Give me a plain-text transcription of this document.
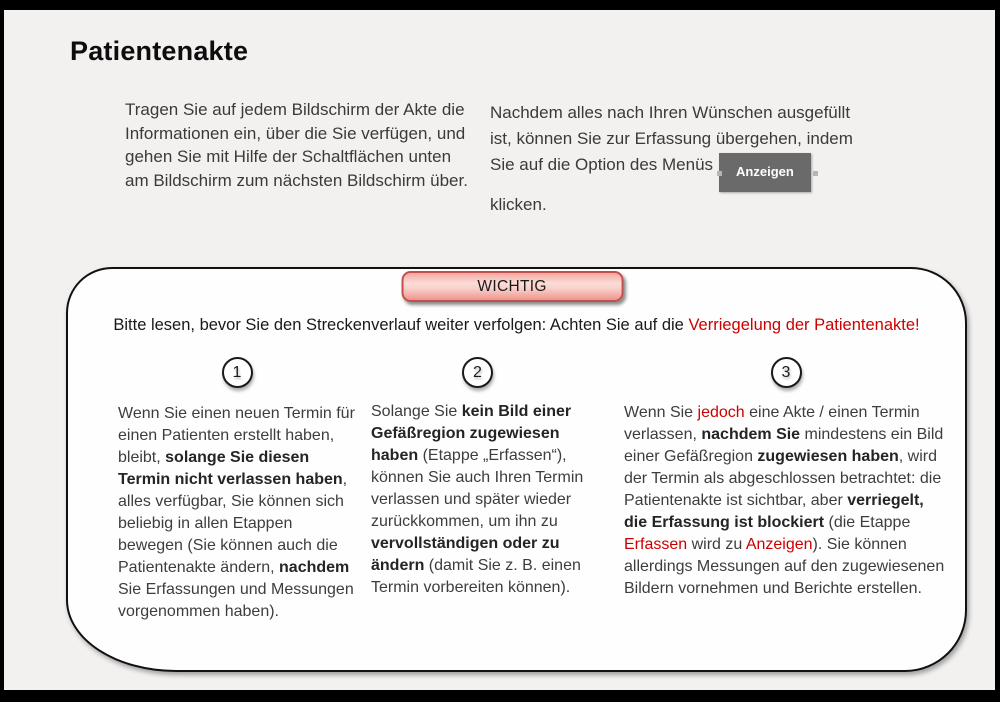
Patientenakte

Tragen Sie auf jedem Bildschirm der Akte die Informationen ein, über die Sie verfügen, und gehen Sie mit Hilfe der Schaltflächen unten am Bildschirm zum nächsten Bildschirm über.

Nachdem alles nach Ihren Wünschen ausgefüllt ist, können Sie zur Erfassung übergehen, indem Sie auf die Option des Menüs Anzeigen
klicken.

WICHTIG
Bitte lesen, bevor Sie den Streckenverlauf weiter verfolgen: Achten Sie auf die Verriegelung der Patientenakte!
1
Wenn Sie einen neuen Termin für einen Patienten erstellt haben, bleibt, solange Sie diesen Termin nicht verlassen haben, alles verfügbar, Sie können sich beliebig in allen Etappen bewegen (Sie können auch die Patientenakte ändern, nachdem Sie Erfassungen und Messungen vorgenommen haben).
2
Solange Sie kein Bild einer Gefäßregion zugewiesen haben (Etappe „Erfassen“), können Sie auch Ihren Termin verlassen und später wieder zurückkommen, um ihn zu vervollständigen oder zu ändern (damit Sie z. B. einen Termin vorbereiten können).
3
Wenn Sie jedoch eine Akte / einen Termin verlassen, nachdem Sie mindestens ein Bild einer Gefäßregion zugewiesen haben, wird der Termin als abgeschlossen betrachtet: die Patientenakte ist sichtbar, aber verriegelt, die Erfassung ist blockiert (die Etappe Erfassen wird zu Anzeigen). Sie können allerdings Messungen auf den zugewiesenen Bildern vornehmen und Berichte erstellen.
